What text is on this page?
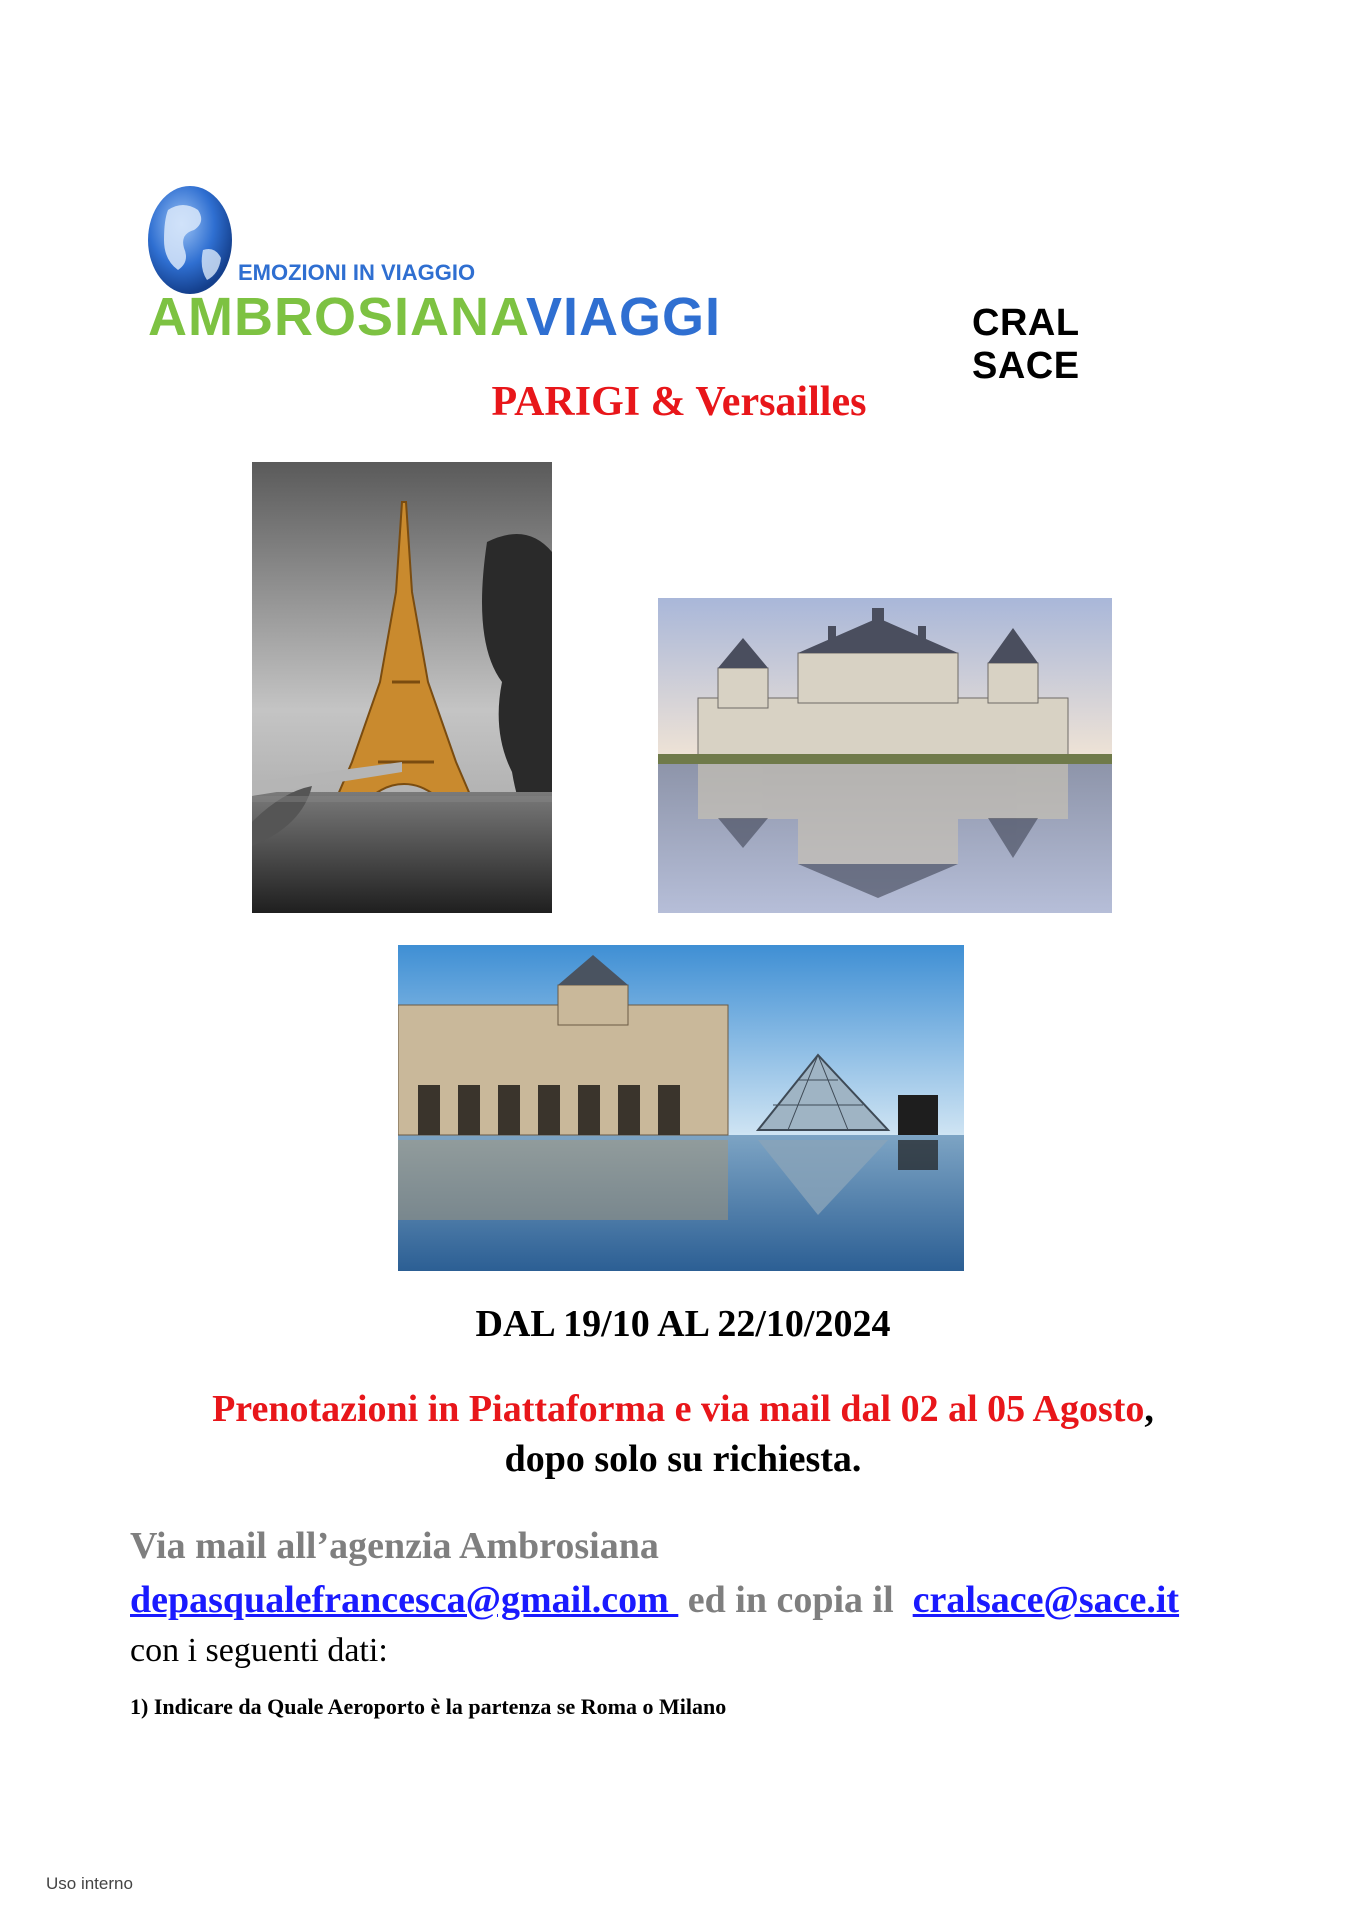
EMOZIONI IN VIAGGIO
AMBROSIANAVIAGGI	CRAL SACE
PARIGI & Versailles
DAL 19/10 AL 22/10/2024
Prenotazioni in Piattaforma e via mail dal 02 al 05 Agosto,
dopo solo su richiesta.
Via mail all’agenzia Ambrosiana
depasqualefrancesca@gmail.com  ed in copia il  cralsace@sace.it
con i seguenti dati:
1) Indicare da Quale Aeroporto è la partenza se Roma o Milano
Uso interno
